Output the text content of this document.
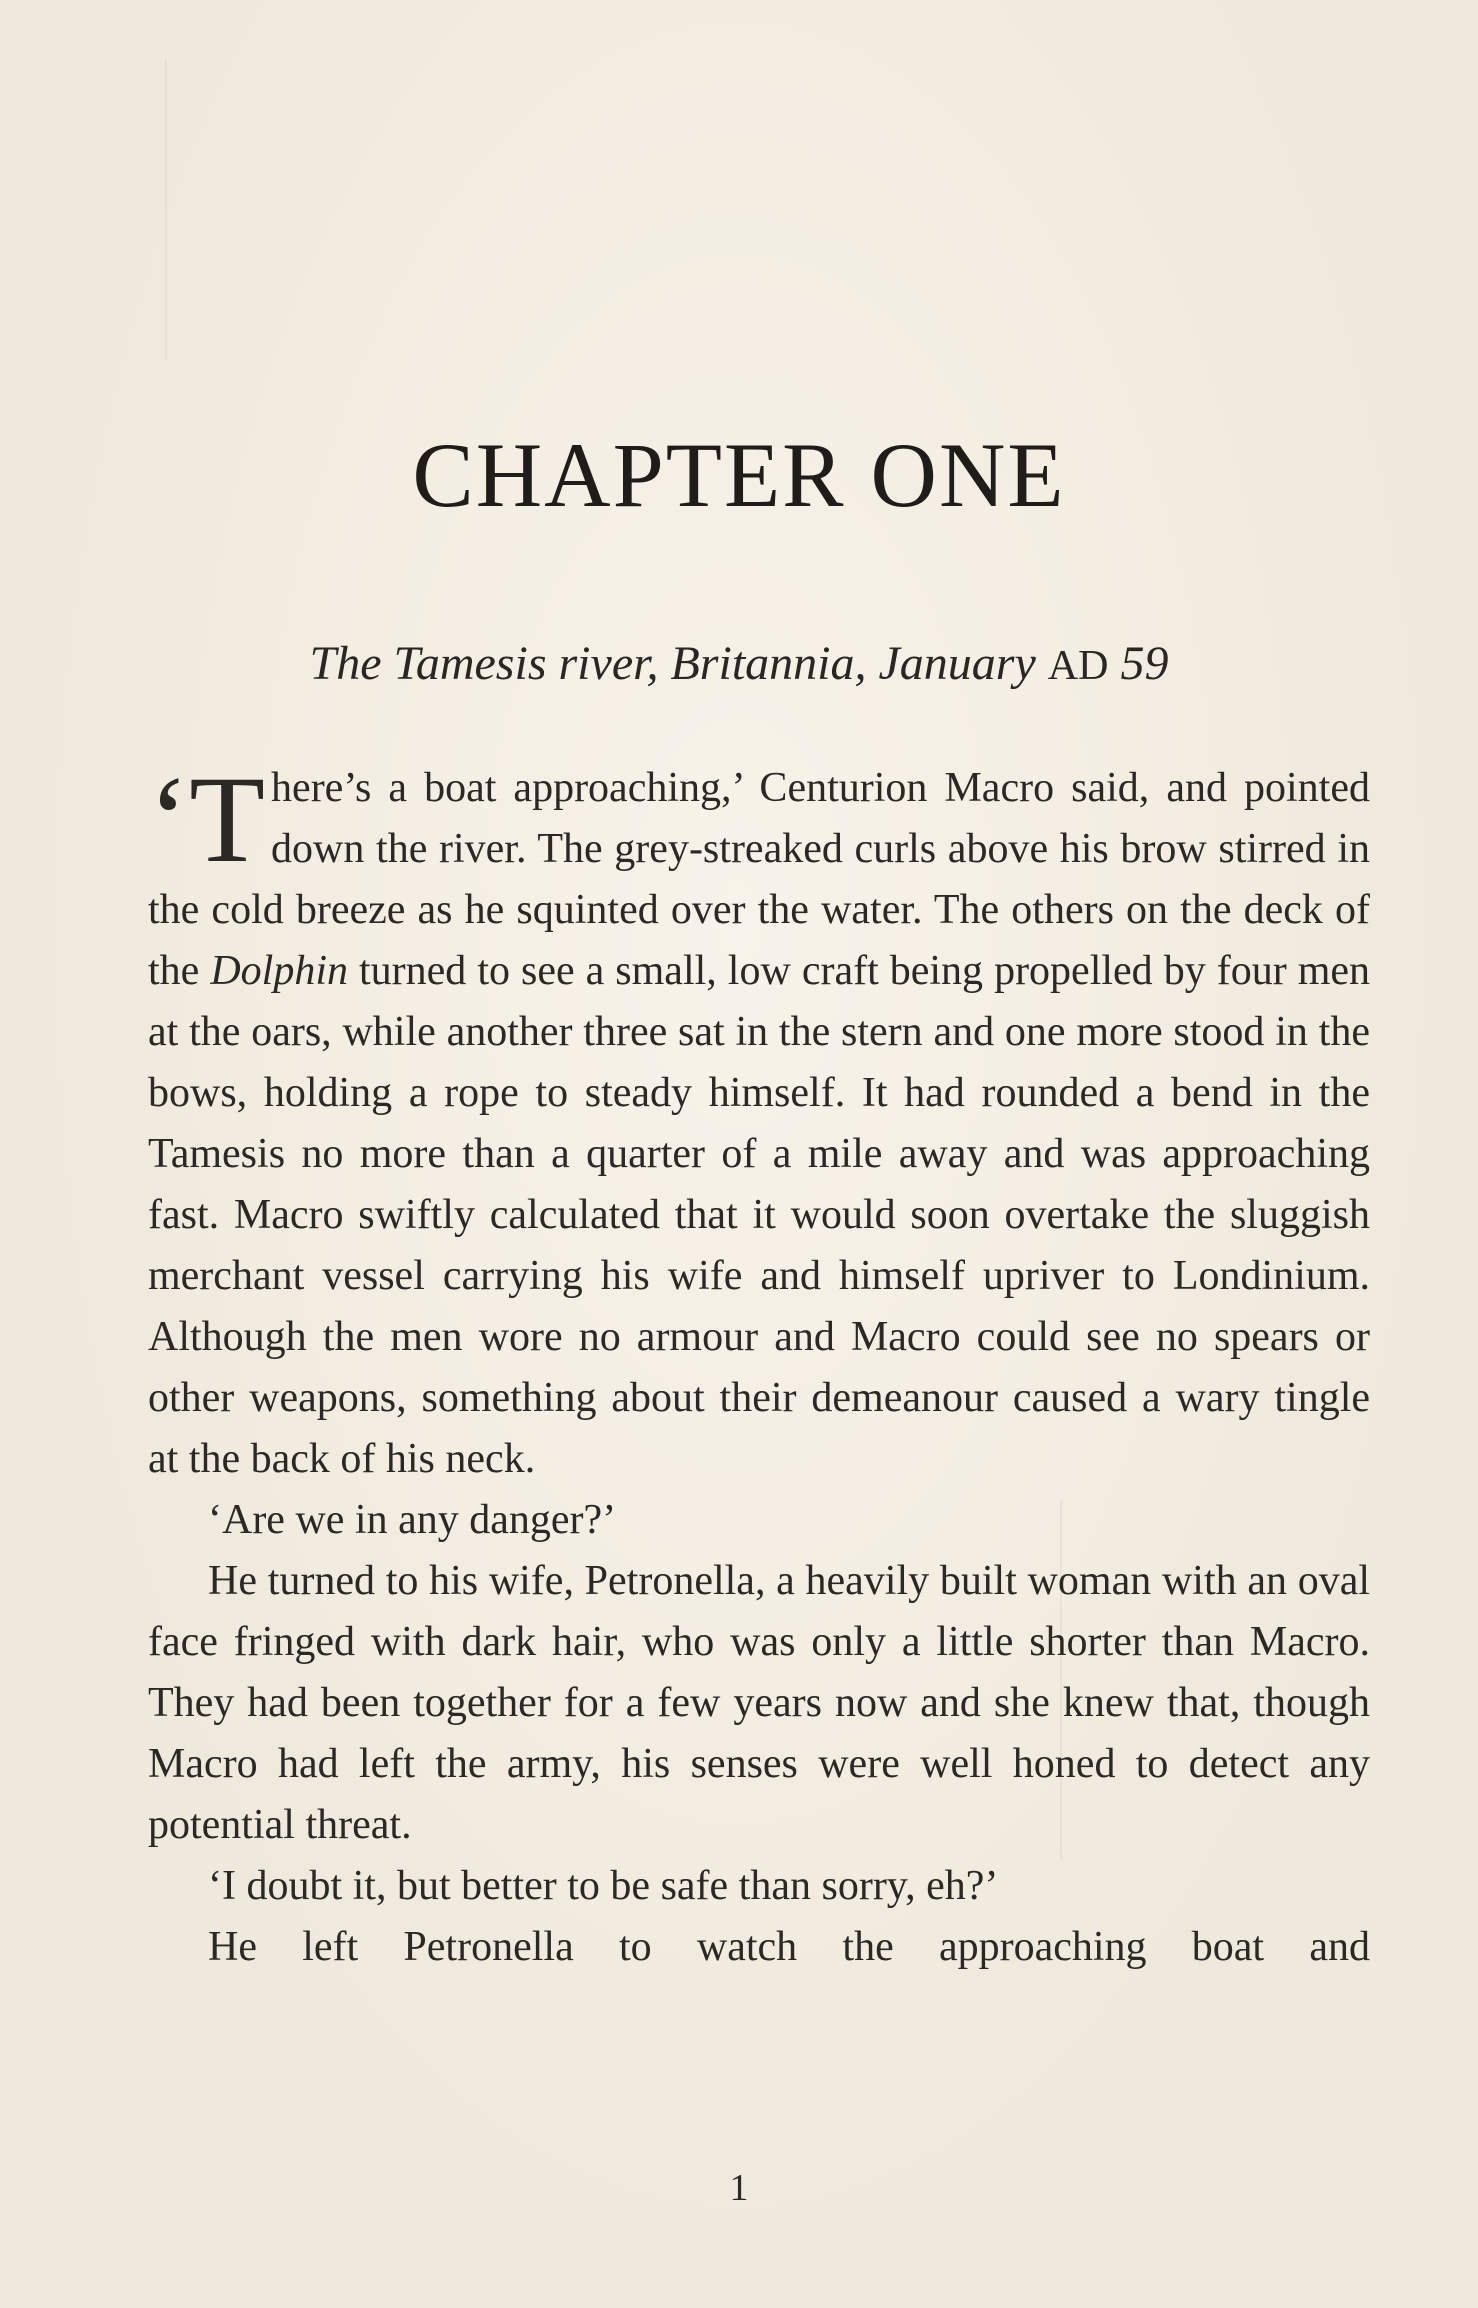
CHAPTER ONE
The Tamesis river, Britannia, January AD 59

‘T here’s a boat approaching,’ Centurion Macro said, and pointed down the river. The grey-streaked curls above his brow stirred in the cold breeze as he squinted over the water. The others on the deck of the Dolphin turned to see a small, low craft being propelled by four men at the oars, while another three sat in the stern and one more stood in the bows, holding a rope to steady himself. It had rounded a bend in the Tamesis no more than a quarter of a mile away and was approaching fast. Macro swiftly calculated that it would soon overtake the sluggish merchant vessel carrying his wife and himself upriver to Londinium. Although the men wore no armour and Macro could see no spears or other weapons, something about their demeanour caused a wary tingle at the back of his neck.

‘Are we in any danger?’

He turned to his wife, Petronella, a heavily built woman with an oval face fringed with dark hair, who was only a little shorter than Macro. They had been together for a few years now and she knew that, though Macro had left the army, his senses were well honed to detect any potential threat.

‘I doubt it, but better to be safe than sorry, eh?’

He left Petronella to watch the approaching boat and

1
